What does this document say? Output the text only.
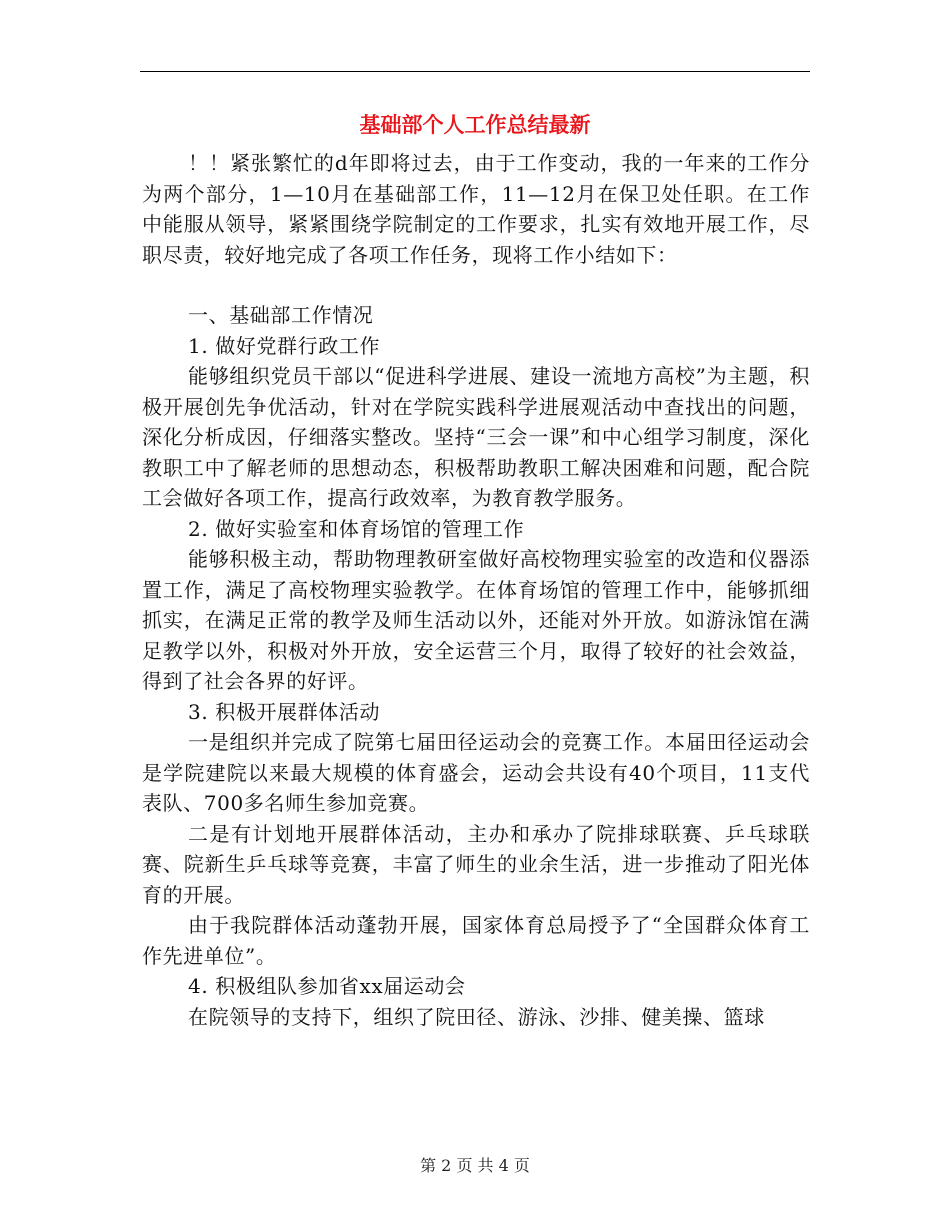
基础部个人工作总结最新

！！紧张繁忙的d年即将过去，由于工作变动，我的一年来的工作分为两个部分，1—10月在基础部工作，11—12月在保卫处任职。在工作中能服从领导，紧紧围绕学院制定的工作要求，扎实有效地开展工作，尽职尽责，较好地完成了各项工作任务，现将工作小结如下：

一、基础部工作情况

1. 做好党群行政工作

能够组织党员干部以“促进科学进展、建设一流地方高校”为主题，积极开展创先争优活动，针对在学院实践科学进展观活动中查找出的问题，深化分析成因，仔细落实整改。坚持“三会一课”和中心组学习制度，深化教职工中了解老师的思想动态，积极帮助教职工解决困难和问题，配合院工会做好各项工作，提高行政效率，为教育教学服务。

2. 做好实验室和体育场馆的管理工作

能够积极主动，帮助物理教研室做好高校物理实验室的改造和仪器添置工作，满足了高校物理实验教学。在体育场馆的管理工作中，能够抓细抓实，在满足正常的教学及师生活动以外，还能对外开放。如游泳馆在满足教学以外，积极对外开放，安全运营三个月，取得了较好的社会效益，得到了社会各界的好评。

3. 积极开展群体活动

一是组织并完成了院第七届田径运动会的竞赛工作。本届田径运动会是学院建院以来最大规模的体育盛会，运动会共设有40个项目，11支代表队、700多名师生参加竞赛。

二是有计划地开展群体活动，主办和承办了院排球联赛、乒乓球联赛、院新生乒乓球等竞赛，丰富了师生的业余生活，进一步推动了阳光体育的开展。

由于我院群体活动蓬勃开展，国家体育总局授予了“全国群众体育工作先进单位”。

4. 积极组队参加省xx届运动会

在院领导的支持下，组织了院田径、游泳、沙排、健美操、篮球

第 2 页 共 4 页
